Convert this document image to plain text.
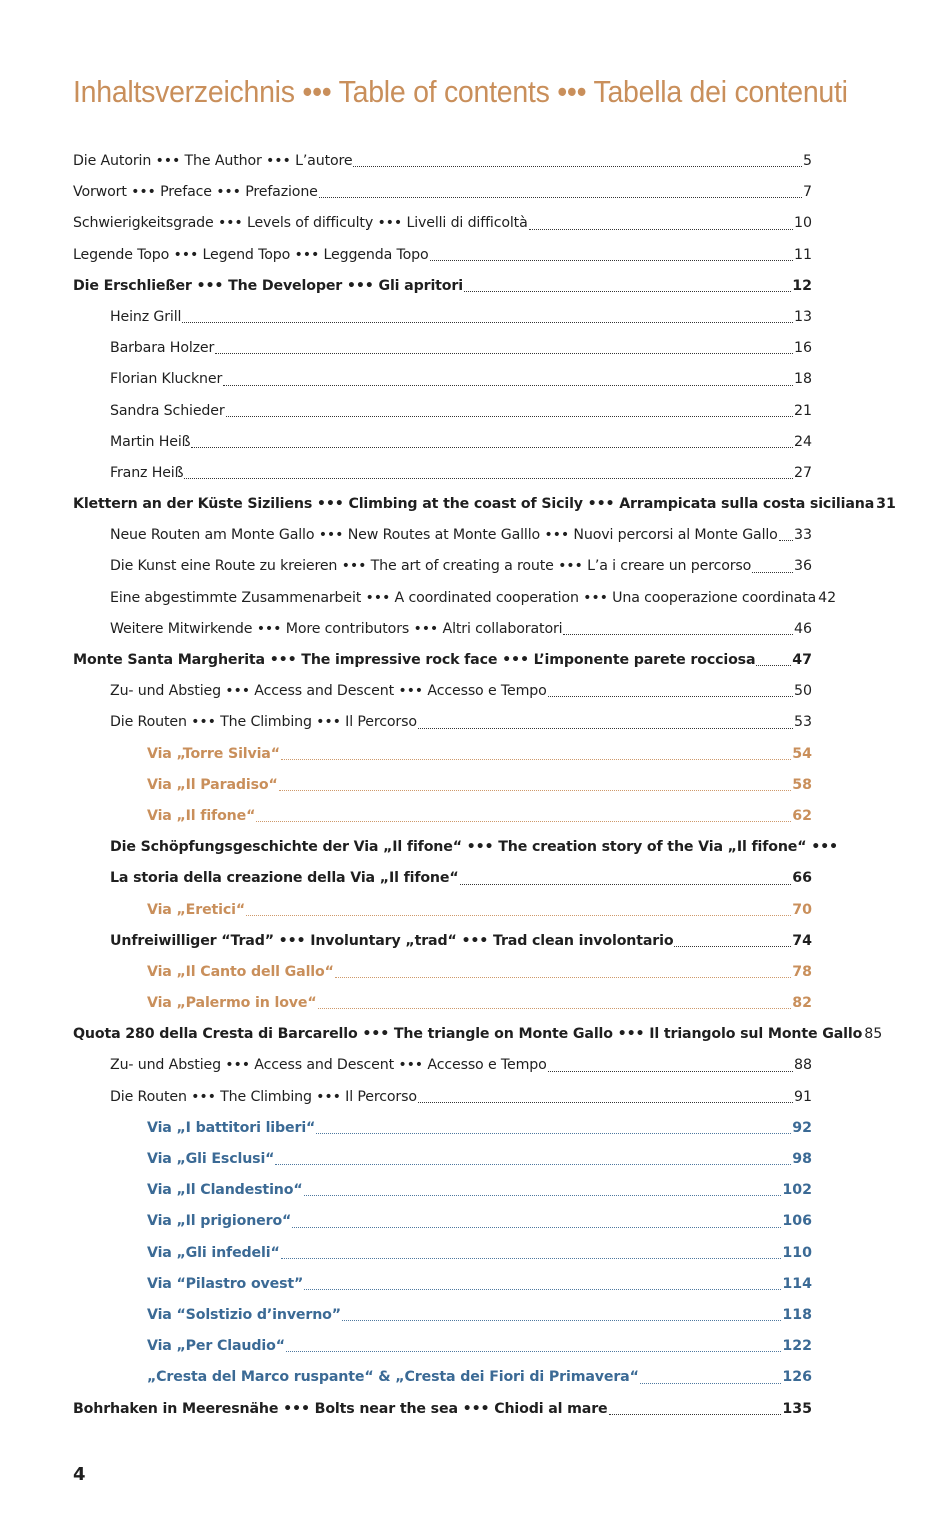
Inhaltsverzeichnis ••• Table of contents ••• Tabella dei contenuti
Die Autorin ••• The Author ••• L’autore	5
Vorwort ••• Preface ••• Prefazione	7
Schwierigkeitsgrade ••• Levels of difficulty ••• Livelli di difficoltà	10
Legende Topo ••• Legend Topo ••• Leggenda Topo	11
Die Erschließer ••• The Developer ••• Gli apritori	12
Heinz Grill	13
Barbara Holzer	16
Florian Kluckner	18
Sandra Schieder	21
Martin Heiß	24
Franz Heiß	27
Klettern an der Küste Siziliens ••• Climbing at the coast of Sicily ••• Arrampicata sulla costa siciliana 31
Neue Routen am Monte Gallo ••• New Routes at Monte Galllo ••• Nuovi percorsi al Monte Gallo 33
Die Kunst eine Route zu kreieren ••• The art of creating a route ••• L’a i creare un percorso	36
Eine abgestimmte Zusammenarbeit ••• A coordinated cooperation ••• Una cooperazione coordinata 42
Weitere Mitwirkende ••• More contributors ••• Altri collaboratori	46
Monte Santa Margherita ••• The impressive rock face ••• L’imponente parete rocciosa	47
Zu- und Abstieg ••• Access and Descent ••• Accesso e Tempo	50
Die Routen ••• The Climbing ••• Il Percorso	53
Via „Torre Silvia“	54
Via „Il Paradiso“	58
Via „Il fifone“	62
Die Schöpfungsgeschichte der Via „Il fifone“ ••• The creation story of the Via „Il fifone“ •••
La storia della creazione della Via „Il fifone“	66
Via „Eretici“	70
Unfreiwilliger “Trad” ••• Involuntary „trad“ ••• Trad clean involontario	74
Via „Il Canto dell Gallo“	78
Via „Palermo in love“	82
Quota 280 della Cresta di Barcarello ••• The triangle on Monte Gallo ••• Il triangolo sul Monte Gallo 85
Zu- und Abstieg ••• Access and Descent ••• Accesso e Tempo	88
Die Routen ••• The Climbing ••• Il Percorso	91
Via „I battitori liberi“	92
Via „Gli Esclusi“	98
Via „Il Clandestino“	102
Via „Il prigionero“	106
Via „Gli infedeli“	110
Via “Pilastro ovest”	114
Via “Solstizio d’inverno”	118
Via „Per Claudio“	122
„Cresta del Marco ruspante“ & „Cresta dei Fiori di Primavera“	126
Bohrhaken in Meeresnähe ••• Bolts near the sea ••• Chiodi al mare	135
4
